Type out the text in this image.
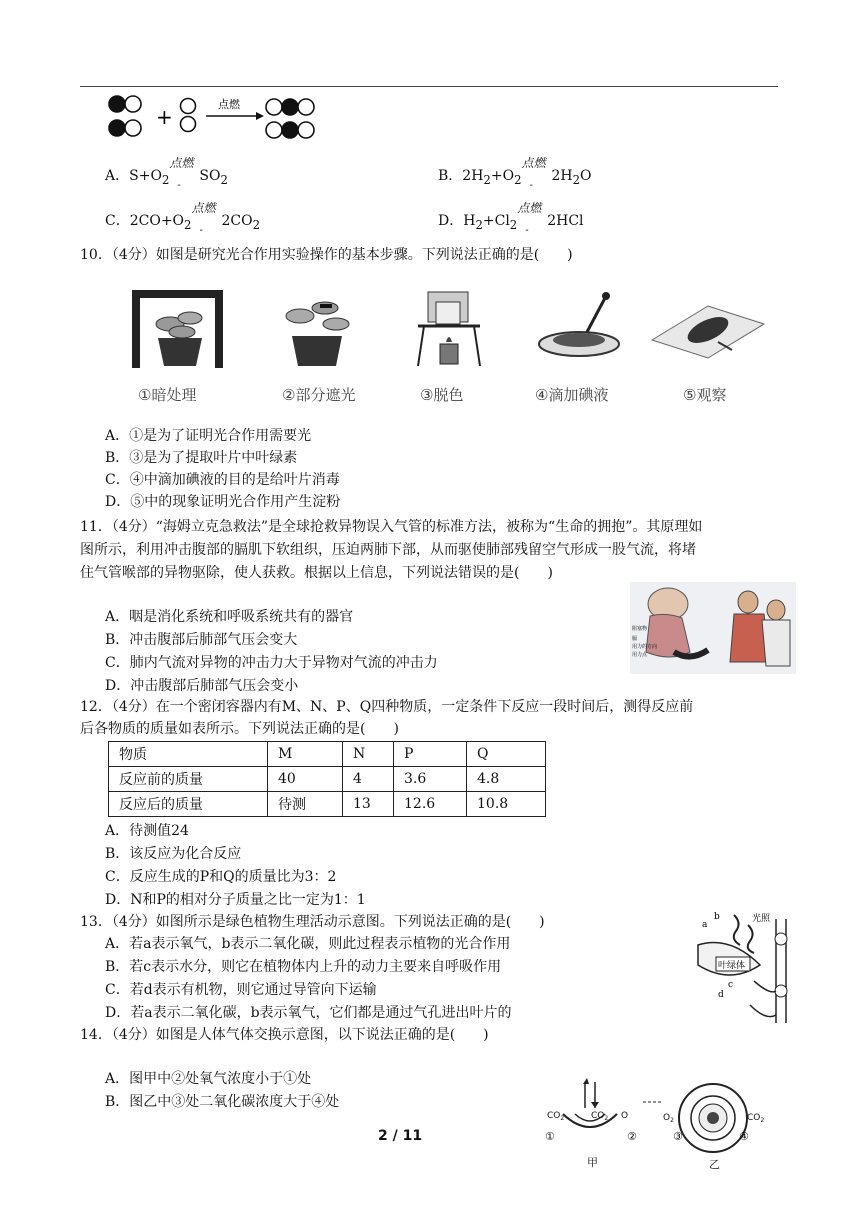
+
点燃
A．$S+O_2$
点燃
-
$SO_2$	B．$2H_2+O_2$
点燃
-
$2H_2O$
C．$2CO+O_2$
点燃
-
$2CO_2$	D．$H_2+Cl_2$
点燃
-
2HCl
10．（4分）如图是研究光合作用实验操作的基本步骤。下列说法正确的是(　　)
①暗处理	②部分遮光	③脱色	④滴加碘液	⑤观察
A．①是为了证明光合作用需要光
B．③是为了提取叶片中叶绿素
C．④中滴加碘液的目的是给叶片消毒
D．⑤中的现象证明光合作用产生淀粉
11．（4分）“海姆立克急救法”是全球抢救异物误入气管的标准方法，被称为“生命的拥抱”。其原理如
图所示，利用冲击腹部的膈肌下软组织，压迫两肺下部，从而驱使肺部残留空气形成一股气流，将堵
住气管喉部的异物驱除，使人获救。根据以上信息，下列说法错误的是(　　)
阻塞物
膈
用力的方向
用力点
A．咽是消化系统和呼吸系统共有的器官
B．冲击腹部后肺部气压会变大
C．肺内气流对异物的冲击力大于异物对气流的冲击力
D．冲击腹部后肺部气压会变小
12．（4分）在一个密闭容器内有M、N、P、Q四种物质，一定条件下反应一段时间后，测得反应前
后各物质的质量如表所示。下列说法正确的是(　　)
物质	M	N	P	Q
反应前的质量	40	4	3.6	4.8
反应后的质量	待测	13	12.6	10.8
A．待测值24
B．该反应为化合反应
C．反应生成的P和Q的质量比为3：2
D．N和P的相对分子质量之比一定为1：1
13．（4分）如图所示是绿色植物生理活动示意图。下列说法正确的是(　　)
A．若a表示氧气，b表示二氧化碳，则此过程表示植物的光合作用
B．若c表示水分，则它在植物体内上升的动力主要来自呼吸作用
C．若d表示有机物，则它通过导管向下运输
D．若a表示二氧化碳，b表示氧气，它们都是通过气孔进出叶片的
光照
a
b
叶绿体
c
d
14．（4分）如图是人体气体交换示意图，以下说法正确的是(　　)
A．图甲中②处氧气浓度小于①处
B．图乙中③处二氧化碳浓度大于④处
$CO_2$	$CO_2$ O
①	②
甲
$O_2$	$CO_2$
③	④
乙
2 / 11
